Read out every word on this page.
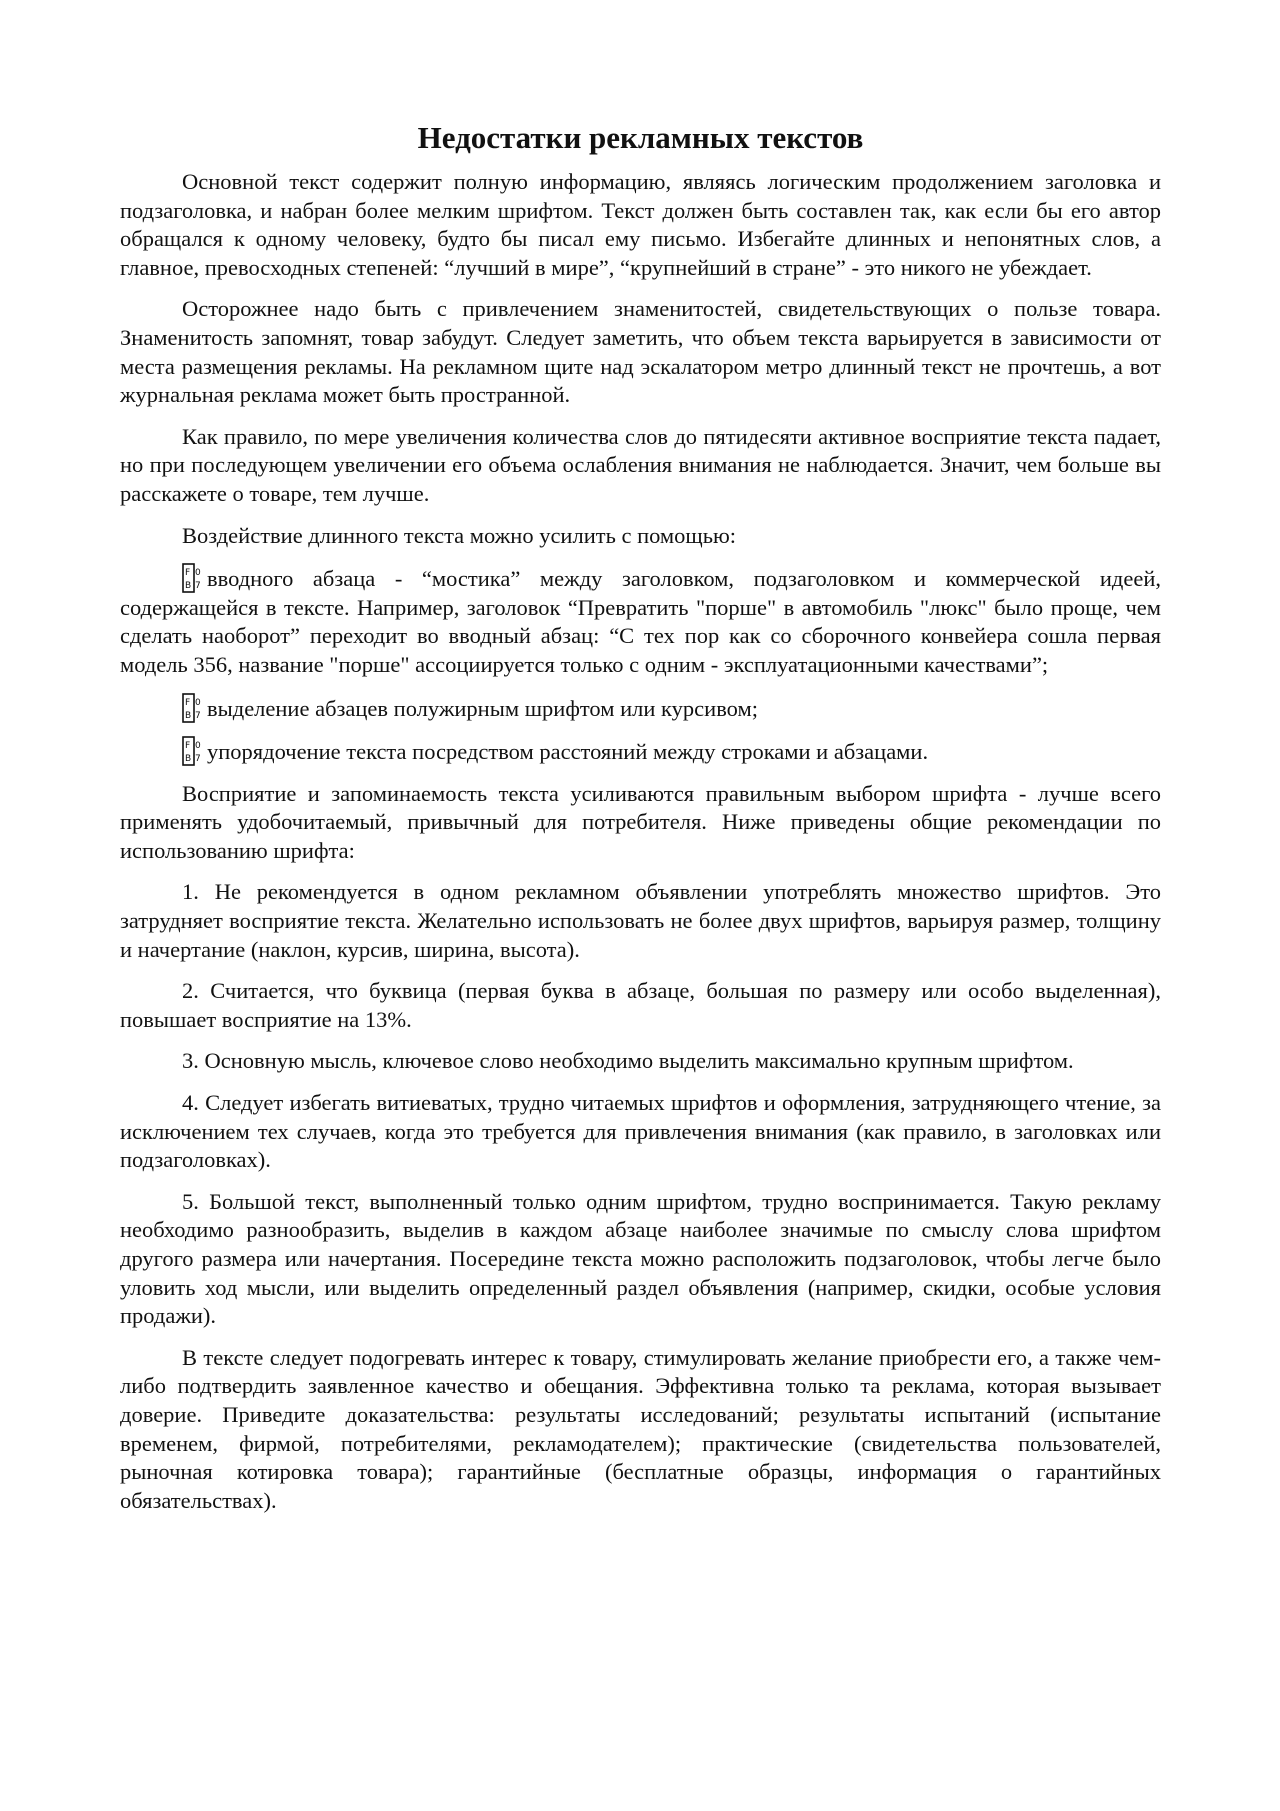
Недостатки рекламных текстов

Основной текст содержит полную информацию, являясь логическим продолжением заголовка и подзаголовка, и набран более мелким шрифтом. Текст должен быть составлен так, как если бы его автор обращался к одному человеку, будто бы писал ему письмо. Избегайте длинных и непонятных слов, а главное, превосходных степеней: “лучший в мире”, “крупнейший в стране” - это никого не убеждает.

Осторожнее надо быть с привлечением знаменитостей, свидетельствующих о пользе товара. Знаменитость запомнят, товар забудут. Следует заметить, что объем текста варьируется в зависимости от места размещения рекламы. На рекламном щите над эскалатором метро длинный текст не прочтешь, а вот журнальная реклама может быть пространной.

Как правило, по мере увеличения количества слов до пятидесяти активное восприятие текста падает, но при последующем увеличении его объема ослабления внимания не наблюдается. Значит, чем больше вы расскажете о товаре, тем лучше.

Воздействие длинного текста можно усилить с помощью:

F 0
B 7 вводного абзаца - “мостика” между заголовком, подзаголовком и коммерческой идеей, содержащейся в тексте. Например, заголовок “Превратить "порше" в автомобиль "люкс" было проще, чем сделать наоборот” переходит во вводный абзац: “С тех пор как со сборочного конвейера сошла первая модель 356, название "порше" ассоциируется только с одним - эксплуатационными качествами”;

F 0
B 7 выделение абзацев полужирным шрифтом или курсивом;

F 0
B 7 упорядочение текста посредством расстояний между строками и абзацами.

Восприятие и запоминаемость текста усиливаются правильным выбором шрифта - лучше всего применять удобочитаемый, привычный для потребителя. Ниже приведены общие рекомендации по использованию шрифта:

1. Не рекомендуется в одном рекламном объявлении употреблять множество шрифтов. Это затрудняет восприятие текста. Желательно использовать не более двух шрифтов, варьируя размер, толщину и начертание (наклон, курсив, ширина, высота).

2. Считается, что буквица (первая буква в абзаце, большая по размеру или особо выделенная), повышает восприятие на 13%.

3. Основную мысль, ключевое слово необходимо выделить максимально крупным шрифтом.

4. Следует избегать витиеватых, трудно читаемых шрифтов и оформления, затрудняющего чтение, за исключением тех случаев, когда это требуется для привлечения внимания (как правило, в заголовках или подзаголовках).

5. Большой текст, выполненный только одним шрифтом, трудно воспринимается. Такую рекламу необходимо разнообразить, выделив в каждом абзаце наиболее значимые по смыслу слова шрифтом другого размера или начертания. Посередине текста можно расположить подзаголовок, чтобы легче было уловить ход мысли, или выделить определенный раздел объявления (например, скидки, особые условия продажи).

В тексте следует подогревать интерес к товару, стимулировать желание приобрести его, а также чем-либо подтвердить заявленное качество и обещания. Эффективна только та реклама, которая вызывает доверие. Приведите доказательства: результаты исследований; результаты испытаний (испытание временем, фирмой, потребителями, рекламодателем); практические (свидетельства пользователей, рыночная котировка товара); гарантийные (бесплатные образцы, информация о гарантийных обязательствах).
